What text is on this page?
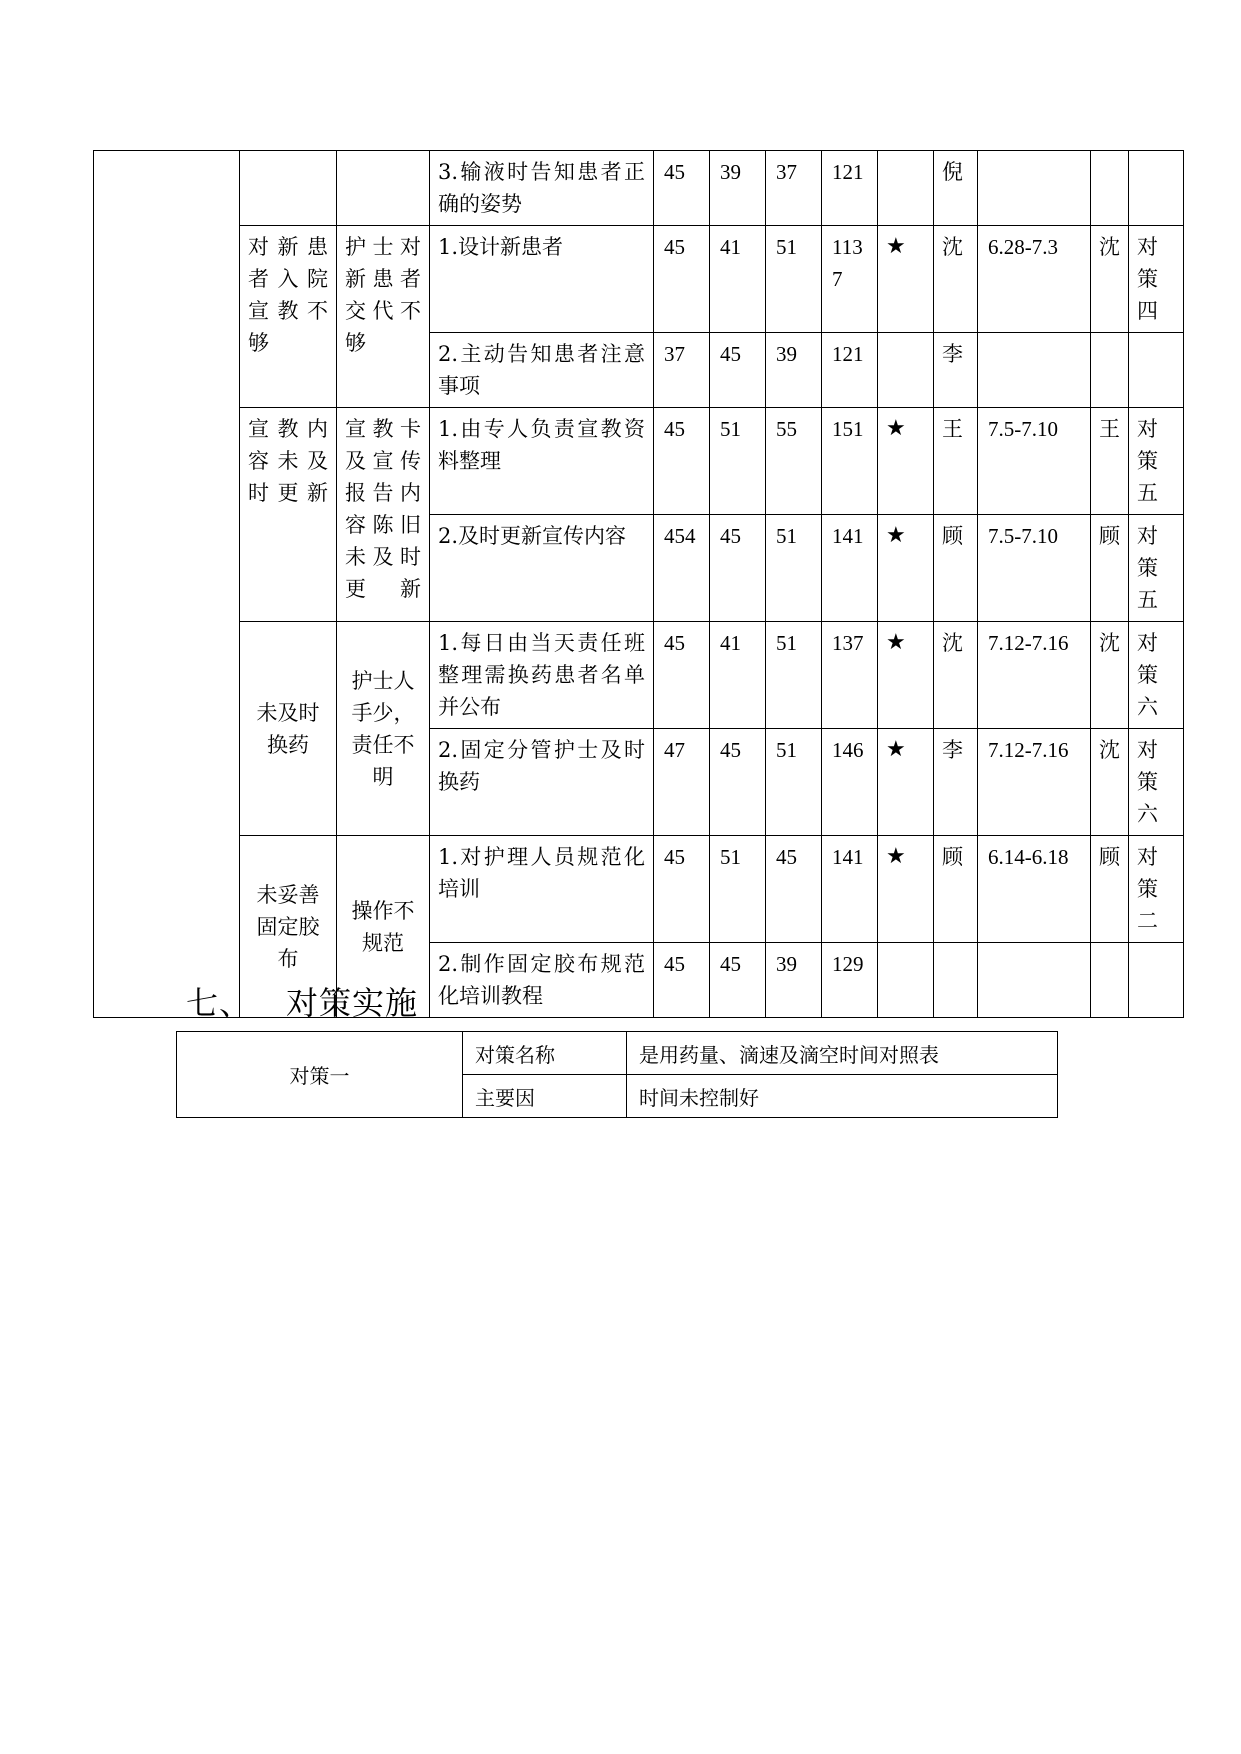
			3.输液时告知患者正确的姿势	45	39	37	121		倪			
	对新患者入院宣教不够	护士对新患者交代不够	1.设计新患者	45	41	51	1137	★	沈	6.28-7.3	沈	对策四
			2.主动告知患者注意事项	37	45	39	121		李			
	宣教内容未及时更新	宣教卡及宣传报告内容陈旧未及时更新	1.由专人负责宣教资料整理	45	51	55	151	★	王	7.5-7.10	王	对策五
			2.及时更新宣传内容	454	45	51	141	★	顾	7.5-7.10	顾	对策五
	未及时换药	护士人手少，责任不明	1.每日由当天责任班整理需换药患者名单并公布	45	41	51	137	★	沈	7.12-7.16	沈	对策六
			2.固定分管护士及时换药	47	45	51	146	★	李	7.12-7.16	沈	对策六
	未妥善固定胶布	操作不规范	1.对护理人员规范化培训	45	51	45	141	★	顾	6.14-6.18	顾	对策二
			2.制作固定胶布规范化培训教程	45	45	39	129					
七、 对策实施
对策一	对策名称	是用药量、滴速及滴空时间对照表
	主要因	时间未控制好
